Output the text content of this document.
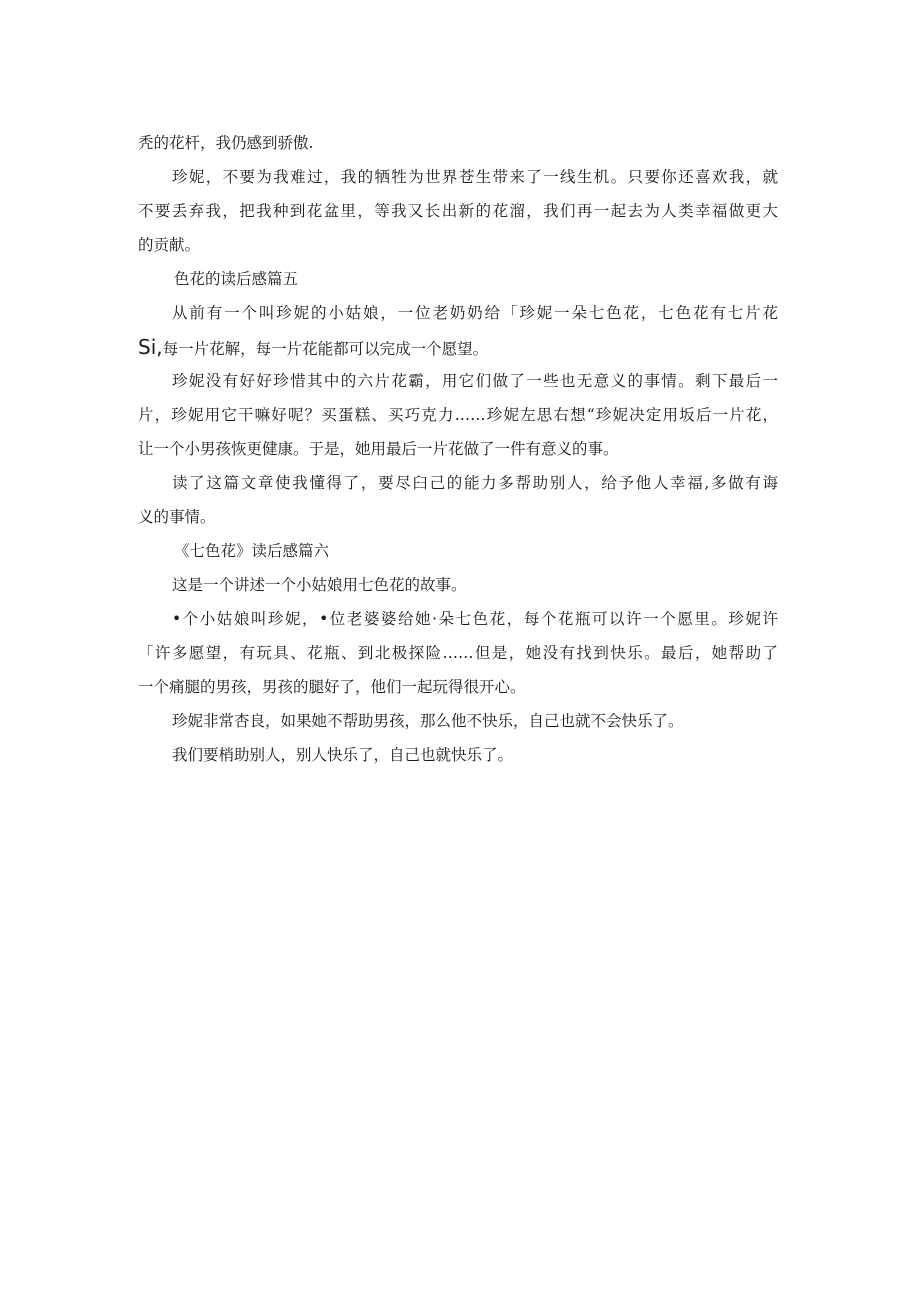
秃的花杆，我仍感到骄傲.
珍妮，不要为我难过，我的牺牲为世界苍生带来了一线生机。只要你还喜欢我，就
不要丢弃我，把我种到花盆里，等我又长出新的花溜，我们再一起去为人类幸福做更大
的贡献。
色花的读后感篇五
从前有一个叫珍妮的小姑娘，一位老奶奶给「珍妮一朵七色花，七色花有七片花
Si,每一片花解，每一片花能都可以完成一个愿望。
珍妮没有好好珍惜其中的六片花霸，用它们做了一些也无意义的事情。剩下最后一
片，珍妮用它干嘛好呢？买蛋糕、买巧克力……珍妮左思右想“珍妮决定用坂后一片花，
让一个小男孩恢更健康。于是，她用最后一片花做了一件有意义的事。
读了这篇文章使我懂得了，要尽臼己的能力多帮助别人，给予他人幸福,多做有诲
义的事情。
《七色花》读后感篇六
这是一个讲述一个小姑娘用七色花的故事。
•个小姑娘叫珍妮，•位老婆婆给她·朵七色花，每个花瓶可以许一个愿里。珍妮许
「许多愿望，有玩具、花瓶、到北极探险……但是，她没有找到快乐。最后，她帮助了
一个痛腿的男孩，男孩的腿好了，他们一起玩得很开心。
珍妮非常杏良，如果她不帮助男孩，那么他不快乐，自己也就不会快乐了。
我们要梢助别人，别人快乐了，自己也就快乐了。
